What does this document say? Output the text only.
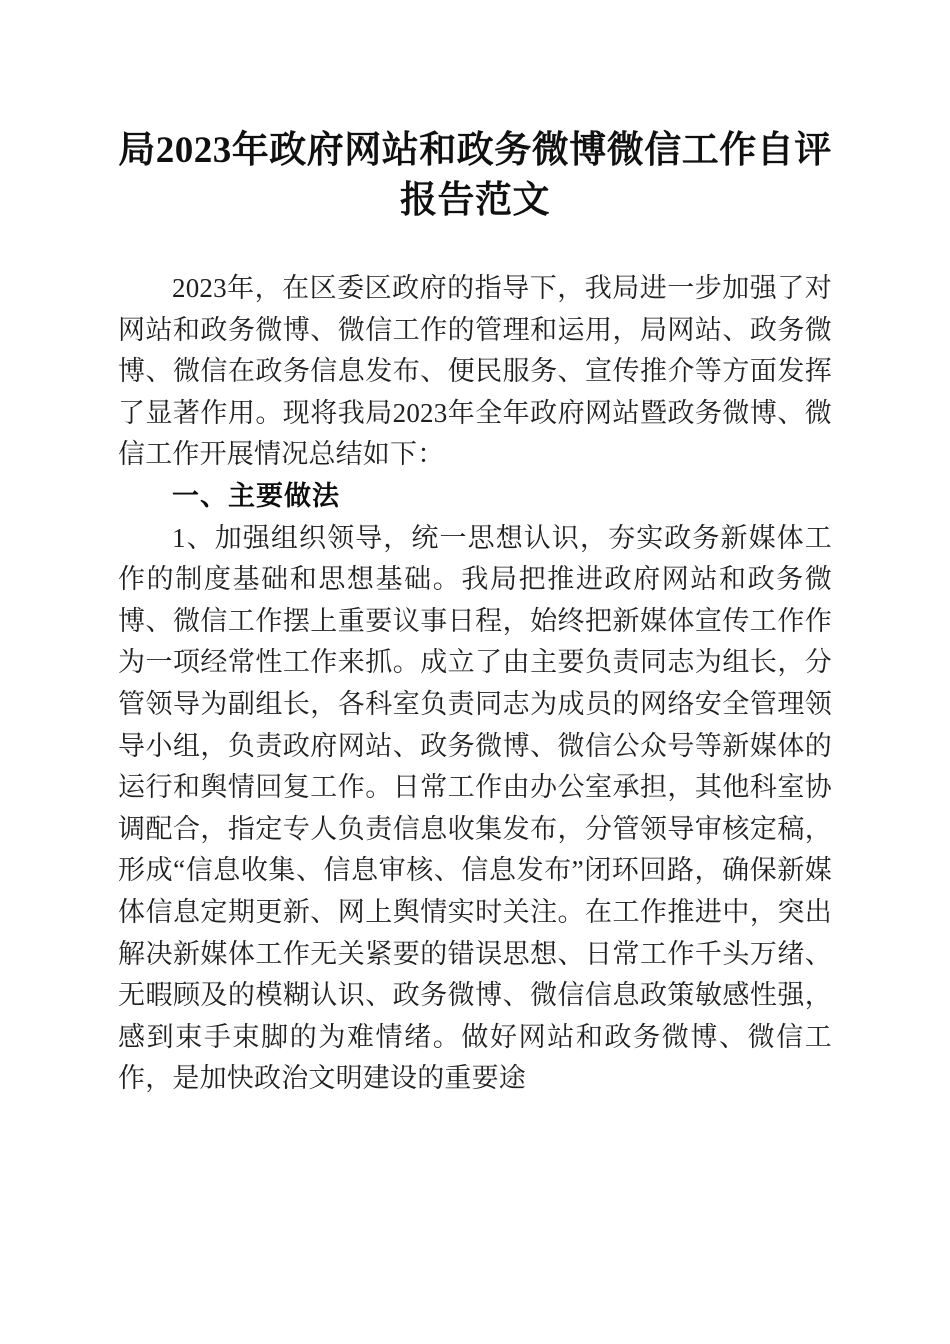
局2023年政府网站和政务微博微信工作自评
报告范文

2023年，在区委区政府的指导下，我局进一步加强了对网站和政务微博、微信工作的管理和运用，局网站、政务微博、微信在政务信息发布、便民服务、宣传推介等方面发挥了显著作用。现将我局2023年全年政府网站暨政务微博、微信工作开展情况总结如下：

一、主要做法

1、加强组织领导，统一思想认识，夯实政务新媒体工作的制度基础和思想基础。我局把推进政府网站和政务微博、微信工作摆上重要议事日程，始终把新媒体宣传工作作为一项经常性工作来抓。成立了由主要负责同志为组长，分管领导为副组长，各科室负责同志为成员的网络安全管理领导小组，负责政府网站、政务微博、微信公众号等新媒体的运行和舆情回复工作。日常工作由办公室承担，其他科室协调配合，指定专人负责信息收集发布，分管领导审核定稿，形成“信息收集、信息审核、信息发布”闭环回路，确保新媒体信息定期更新、网上舆情实时关注。在工作推进中，突出解决新媒体工作无关紧要的错误思想、日常工作千头万绪、无暇顾及的模糊认识、政务微博、微信信息政策敏感性强，感到束手束脚的为难情绪。做好网站和政务微博、微信工作，是加快政治文明建设的重要途
